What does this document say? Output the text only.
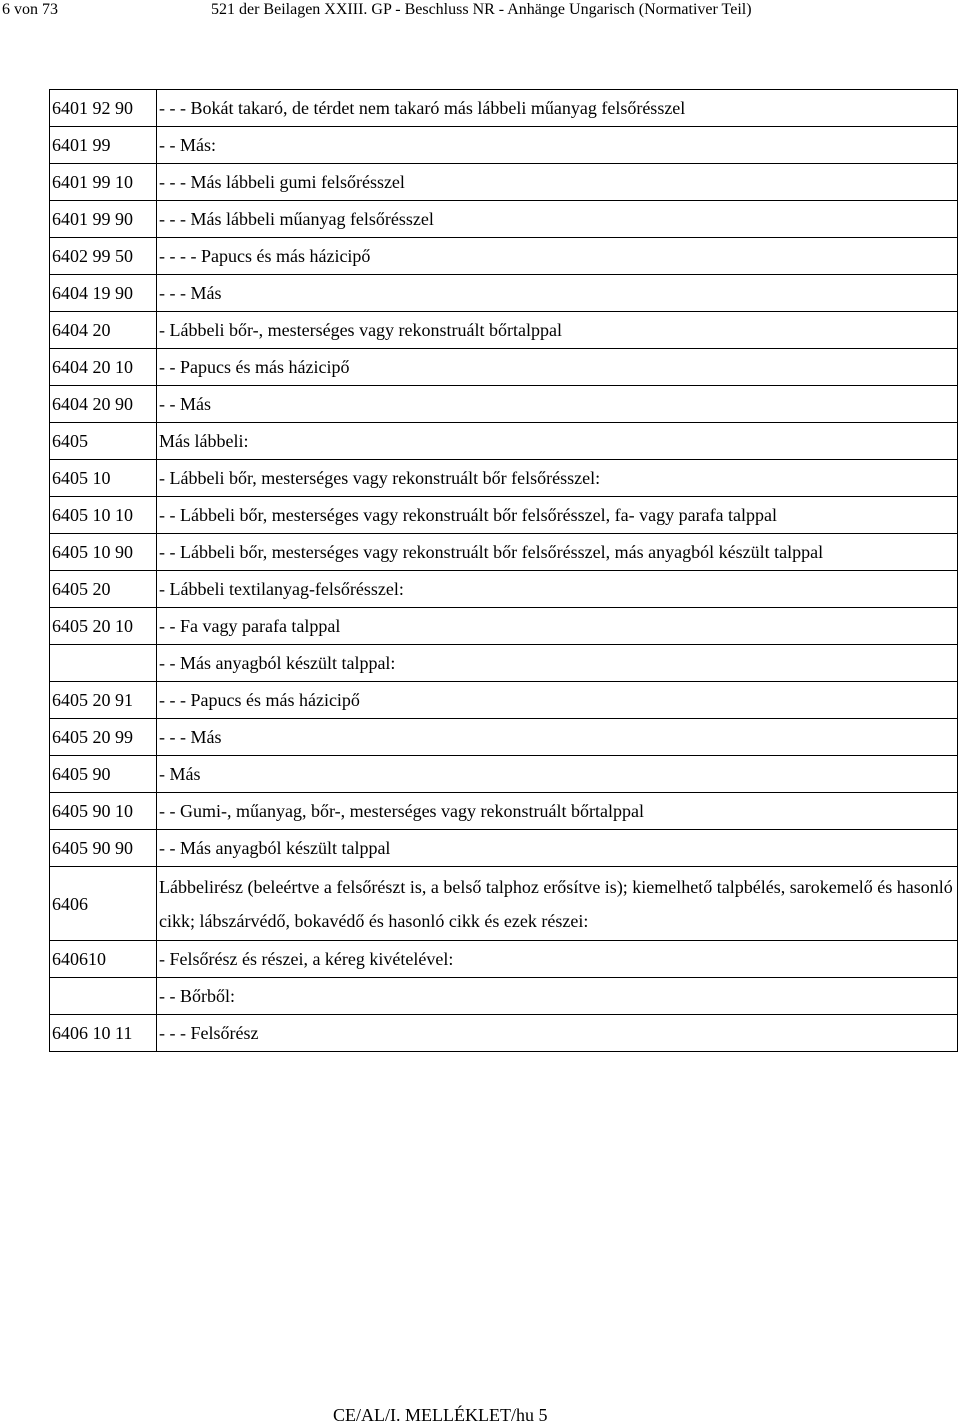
6 von 73	521 der Beilagen XXIII. GP - Beschluss NR - Anhänge Ungarisch (Normativer Teil)
6401 92 90	- - - Bokát takaró, de térdet nem takaró más lábbeli műanyag felsőrésszel
6401 99	- - Más:
6401 99 10	- - - Más lábbeli gumi felsőrésszel
6401 99 90	- - - Más lábbeli műanyag felsőrésszel
6402 99 50	- - - - Papucs és más házicipő
6404 19 90	- - - Más
6404 20	- Lábbeli bőr-, mesterséges vagy rekonstruált bőrtalppal
6404 20 10	- - Papucs és más házicipő
6404 20 90	- - Más
6405	Más lábbeli:
6405 10	- Lábbeli bőr, mesterséges vagy rekonstruált bőr felsőrésszel:
6405 10 10	- - Lábbeli bőr, mesterséges vagy rekonstruált bőr felsőrésszel, fa- vagy parafa talppal
6405 10 90	- - Lábbeli bőr, mesterséges vagy rekonstruált bőr felsőrésszel, más anyagból készült talppal
6405 20	- Lábbeli textilanyag-felsőrésszel:
6405 20 10	- - Fa vagy parafa talppal
	- - Más anyagból készült talppal:
6405 20 91	- - - Papucs és más házicipő
6405 20 99	- - - Más
6405 90	- Más
6405 90 10	- - Gumi-, műanyag, bőr-, mesterséges vagy rekonstruált bőrtalppal
6405 90 90	- - Más anyagból készült talppal
6406	Lábbelirész (beleértve a felsőrészt is, a belső talphoz erősítve is); kiemelhető talpbélés, sarokemelő és hasonló cikk; lábszárvédő, bokavédő és hasonló cikk és ezek részei:
640610	- Felsőrész és részei, a kéreg kivételével:
	- - Bőrből:
6406 10 11	- - - Felsőrész
CE/AL/I. MELLÉKLET/hu 5
